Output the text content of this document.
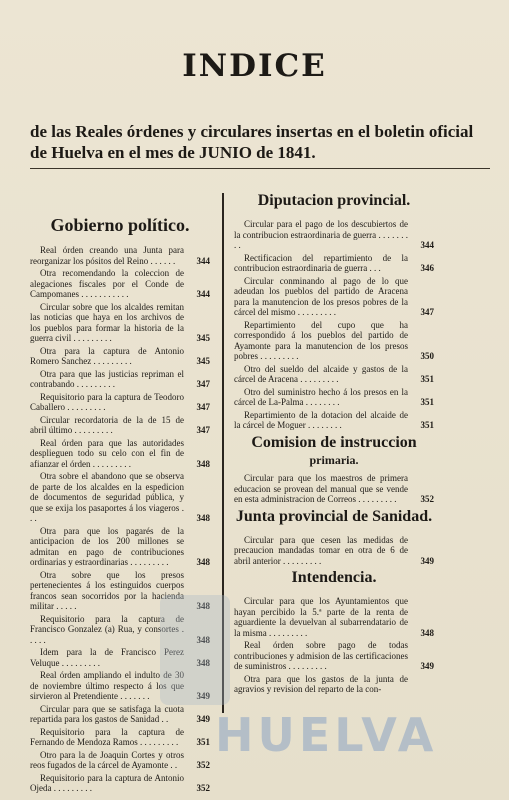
INDICE
de las Reales órdenes y circulares insertas en el boletin oficial de Huelva en el mes de JUNIO de 1841.
Gobierno político.
Real órden creando una Junta para reorganizar los pósitos del Reino . . . . . .	344
Otra recomendando la coleccion de alegaciones fiscales por el Conde de Campomanes . . . . . . . . . . .	344
Circular sobre que los alcaldes remitan las noticias que haya en los archivos de los pueblos para formar la historia de la guerra civil . . . . . . . . .	345
Otra para la captura de Antonio Romero Sanchez . . . . . . . . .	345
Otra para que las justicias repriman el contrabando . . . . . . . . .	347
Requisitorio para la captura de Teodoro Caballero . . . . . . . . .	347
Circular recordatoria de la de 15 de abril último . . . . . . . . .	347
Real órden para que las autoridades desplieguen todo su celo con el fin de afianzar el órden . . . . . . . . .	348
Otra sobre el abandono que se observa de parte de los alcaldes en la espedicion de documentos de seguridad pública, y que se exija los pasaportes á los viageros . . .	348
Otra para que los pagarés de la anticipacion de los 200 millones se admitan en pago de contribuciones ordinarias y estraordinarias . . . . . . . . .	348
Otra sobre que los presos pertenecientes á los estinguidos cuerpos francos sean socorridos por la hacienda militar . . . . .	348
Requisitorio para la captura de Francisco Gonzalez (a) Rua, y consortes . . . . .	348
Idem para la de Francisco Perez Veluque . . . . . . . . .	348
Real órden ampliando el indulto de 30 de noviembre último respecto á los que sirvieron al Pretendiente . . . . . . .	349
Circular para que se satisfaga la cuota repartida para los gastos de Sanidad . .	349
Requisitorio para la captura de Fernando de Mendoza Ramos . . . . . . . . .	351
Otro para la de Joaquin Cortes y otros reos fugados de la cárcel de Ayamonte . .	352
Requisitorio para la captura de Antonio Ojeda . . . . . . . . .	352
Diputacion provincial.
Circular para el pago de los descubiertos de la contribucion estraordinaria de guerra . . . . . . . . .	344
Rectificacion del repartimiento de la contribucion estraordinaria de guerra . . .	346
Circular conminando al pago de lo que adeudan los pueblos del partido de Aracena para la manutencion de los presos pobres de la cárcel del mismo . . . . . . . . .	347
Repartimiento del cupo que ha correspondido á los pueblos del partido de Ayamonte para la manutencion de los presos pobres . . . . . . . . .	350
Otro del sueldo del alcaide y gastos de la cárcel de Aracena . . . . . . . . .	351
Otro del suministro hecho á los presos en la cárcel de La-Palma . . . . . . . .	351
Repartimiento de la dotacion del alcaide de la cárcel de Moguer . . . . . . . .	351
Comision de instruccion
primaria.
Circular para que los maestros de primera educacion se provean del manual que se vende en esta administracion de Correos . . . . . . . . .	352
Junta provincial de Sanidad.
Circular para que cesen las medidas de precaucion mandadas tomar en otra de 6 de abril anterior . . . . . . . . .	349
Intendencia.
Circular para que los Ayuntamientos que hayan percibido la 5.ª parte de la renta de aguardiente la devuelvan al subarrendatario de la misma . . . . . . . . .	348
Real órden sobre pago de todas contribuciones y admision de las certificaciones de suministros . . . . . . . . .	349
Otra para que los gastos de la junta de agravios y revision del reparto de la con-
HUELVA
